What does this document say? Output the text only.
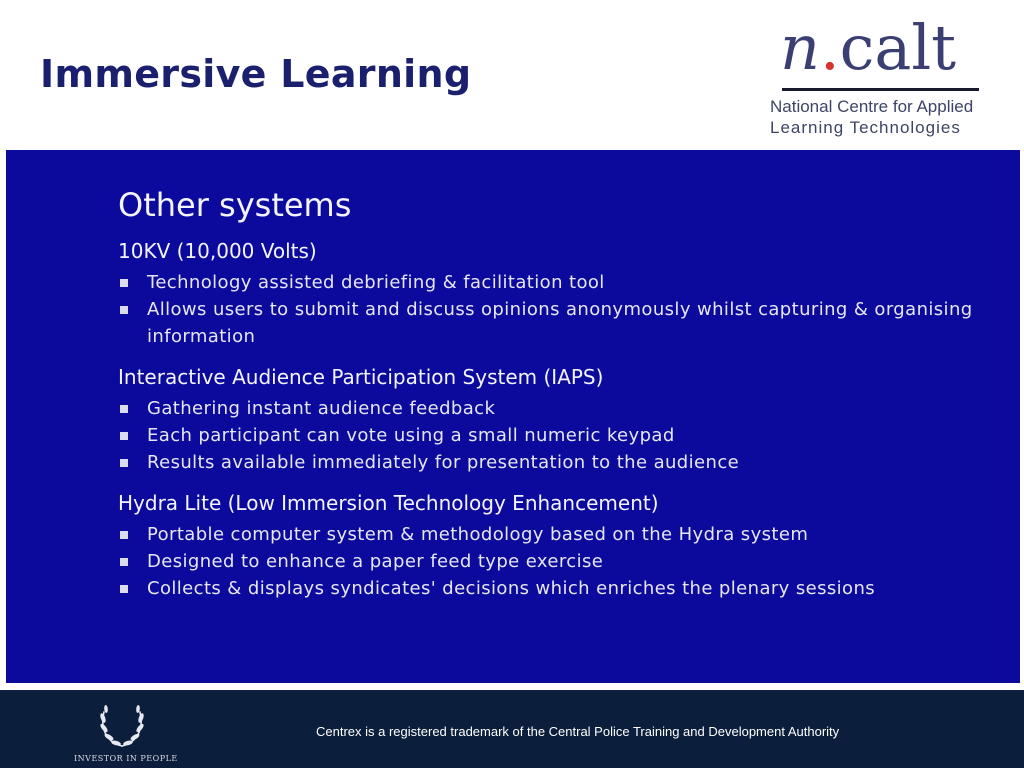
Immersive Learning	n.calt
National Centre for Applied
Learning Technologies
Other systems
10KV (10,000 Volts)
Technology assisted debriefing & facilitation tool
Allows users to submit and discuss opinions anonymously whilst capturing & organising information
Interactive Audience Participation System (IAPS)
Gathering instant audience feedback
Each participant can vote using a small numeric keypad
Results available immediately for presentation to the audience
Hydra Lite (Low Immersion Technology Enhancement)
Portable computer system & methodology based on the Hydra system
Designed to enhance a paper feed type exercise
Collects & displays syndicates' decisions which enriches the plenary sessions
INVESTOR IN PEOPLE
Centrex is a registered trademark of the Central Police Training and Development Authority
